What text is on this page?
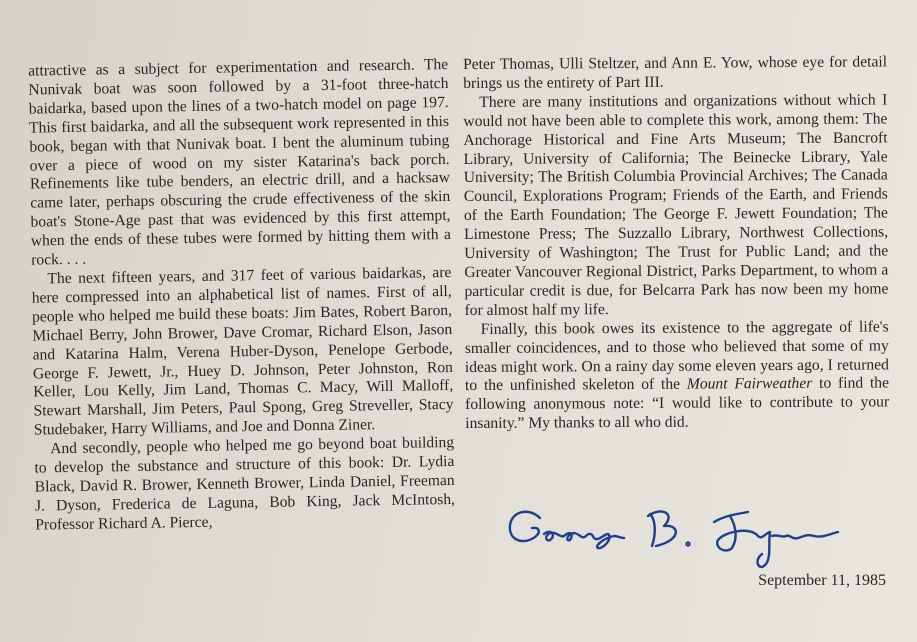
attractive as a subject for experimentation and research. The Nunivak boat was soon followed by a 31-foot three-hatch baidarka, based upon the lines of a two-hatch model on page 197. This first baidarka, and all the subsequent work represented in this book, began with that Nunivak boat. I bent the aluminum tubing over a piece of wood on my sister Katarina's back porch. Refinements like tube benders, an electric drill, and a hacksaw came later, perhaps obscuring the crude effectiveness of the skin boat's Stone-Age past that was evidenced by this first attempt, when the ends of these tubes were formed by hitting them with a rock. . . .

The next fifteen years, and 317 feet of various baidarkas, are here compressed into an alphabetical list of names. First of all, people who helped me build these boats: Jim Bates, Robert Baron, Michael Berry, John Brower, Dave Cromar, Richard Elson, Jason and Katarina Halm, Verena Huber-Dyson, Penelope Gerbode, George F. Jewett, Jr., Huey D. Johnson, Peter Johnston, Ron Keller, Lou Kelly, Jim Land, Thomas C. Macy, Will Malloff, Stewart Marshall, Jim Peters, Paul Spong, Greg Streveller, Stacy Studebaker, Harry Williams, and Joe and Donna Ziner.

And secondly, people who helped me go beyond boat building to develop the substance and structure of this book: Dr. Lydia Black, David R. Brower, Kenneth Brower, Linda Daniel, Freeman J. Dyson, Frederica de Laguna, Bob King, Jack McIntosh, Professor Richard A. Pierce,

Peter Thomas, Ulli Steltzer, and Ann E. Yow, whose eye for detail brings us the entirety of Part III.

There are many institutions and organizations without which I would not have been able to complete this work, among them: The Anchorage Historical and Fine Arts Museum; The Bancroft Library, University of California; The Beinecke Library, Yale University; The British Columbia Provincial Archives; The Canada Council, Explorations Program; Friends of the Earth, and Friends of the Earth Foundation; The George F. Jewett Foundation; The Limestone Press; The Suzzallo Library, Northwest Collections, University of Washington; The Trust for Public Land; and the Greater Vancouver Regional District, Parks Department, to whom a particular credit is due, for Belcarra Park has now been my home for almost half my life.

Finally, this book owes its existence to the aggregate of life's smaller coincidences, and to those who believed that some of my ideas might work. On a rainy day some eleven years ago, I returned to the unfinished skeleton of the Mount Fairweather to find the following anonymous note: “I would like to contribute to your insanity.” My thanks to all who did.

September 11, 1985
